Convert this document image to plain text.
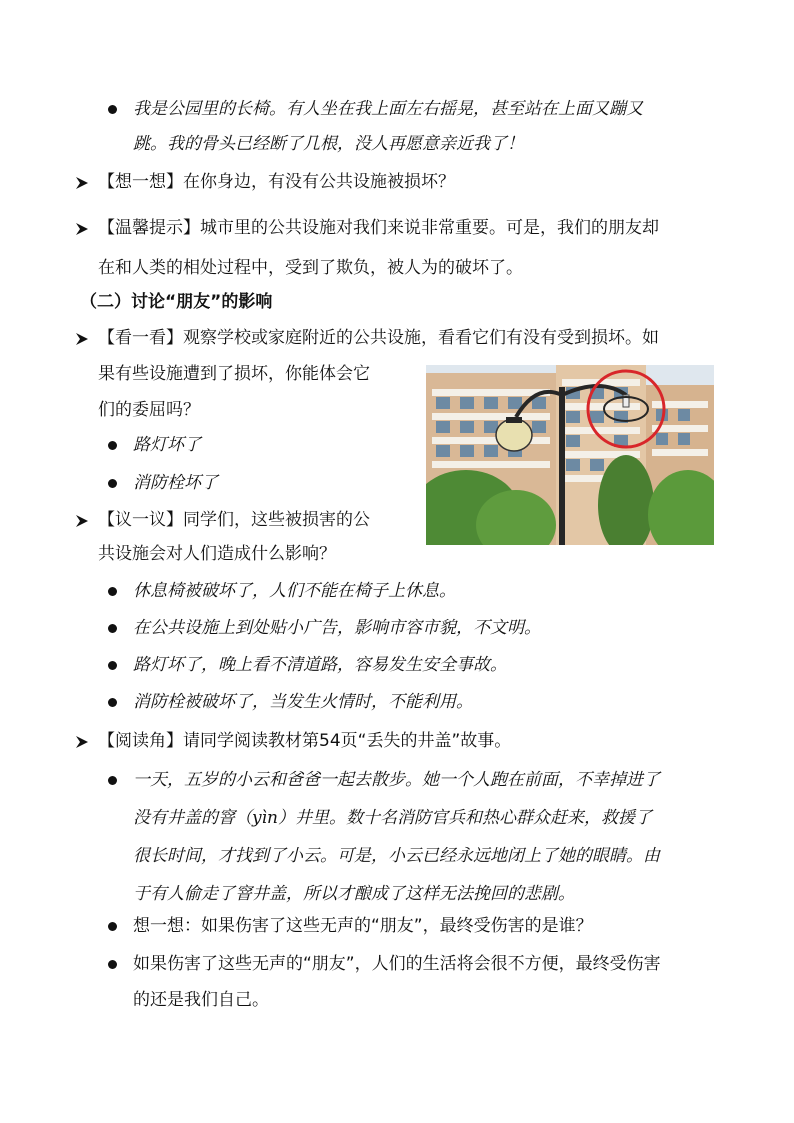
我是公园里的长椅。有人坐在我上面左右摇晃，甚至站在上面又蹦又
跳。我的骨头已经断了几根，没人再愿意亲近我了！
【想一想】在你身边，有没有公共设施被损坏？
【温馨提示】城市里的公共设施对我们来说非常重要。可是，我们的朋友却
在和人类的相处过程中，受到了欺负，被人为的破坏了。
（二）讨论“朋友”的影响
【看一看】观察学校或家庭附近的公共设施，看看它们有没有受到损坏。如
果有些设施遭到了损坏，你能体会它
们的委屈吗？
路灯坏了
消防栓坏了
【议一议】同学们，这些被损害的公
共设施会对人们造成什么影响？
休息椅被破坏了，人们不能在椅子上休息。
在公共设施上到处贴小广告，影响市容市貌，不文明。
路灯坏了，晚上看不清道路，容易发生安全事故。
消防栓被破坏了，当发生火情时，不能利用。
【阅读角】请同学阅读教材第54页“丢失的井盖”故事。
一天，五岁的小云和爸爸一起去散步。她一个人跑在前面，不幸掉进了
没有井盖的窨（yìn）井里。数十名消防官兵和热心群众赶来，救援了
很长时间，才找到了小云。可是，小云已经永远地闭上了她的眼睛。由
于有人偷走了窨井盖，所以才酿成了这样无法挽回的悲剧。
想一想：如果伤害了这些无声的“朋友”，最终受伤害的是谁？
如果伤害了这些无声的“朋友”，人们的生活将会很不方便，最终受伤害
的还是我们自己。
